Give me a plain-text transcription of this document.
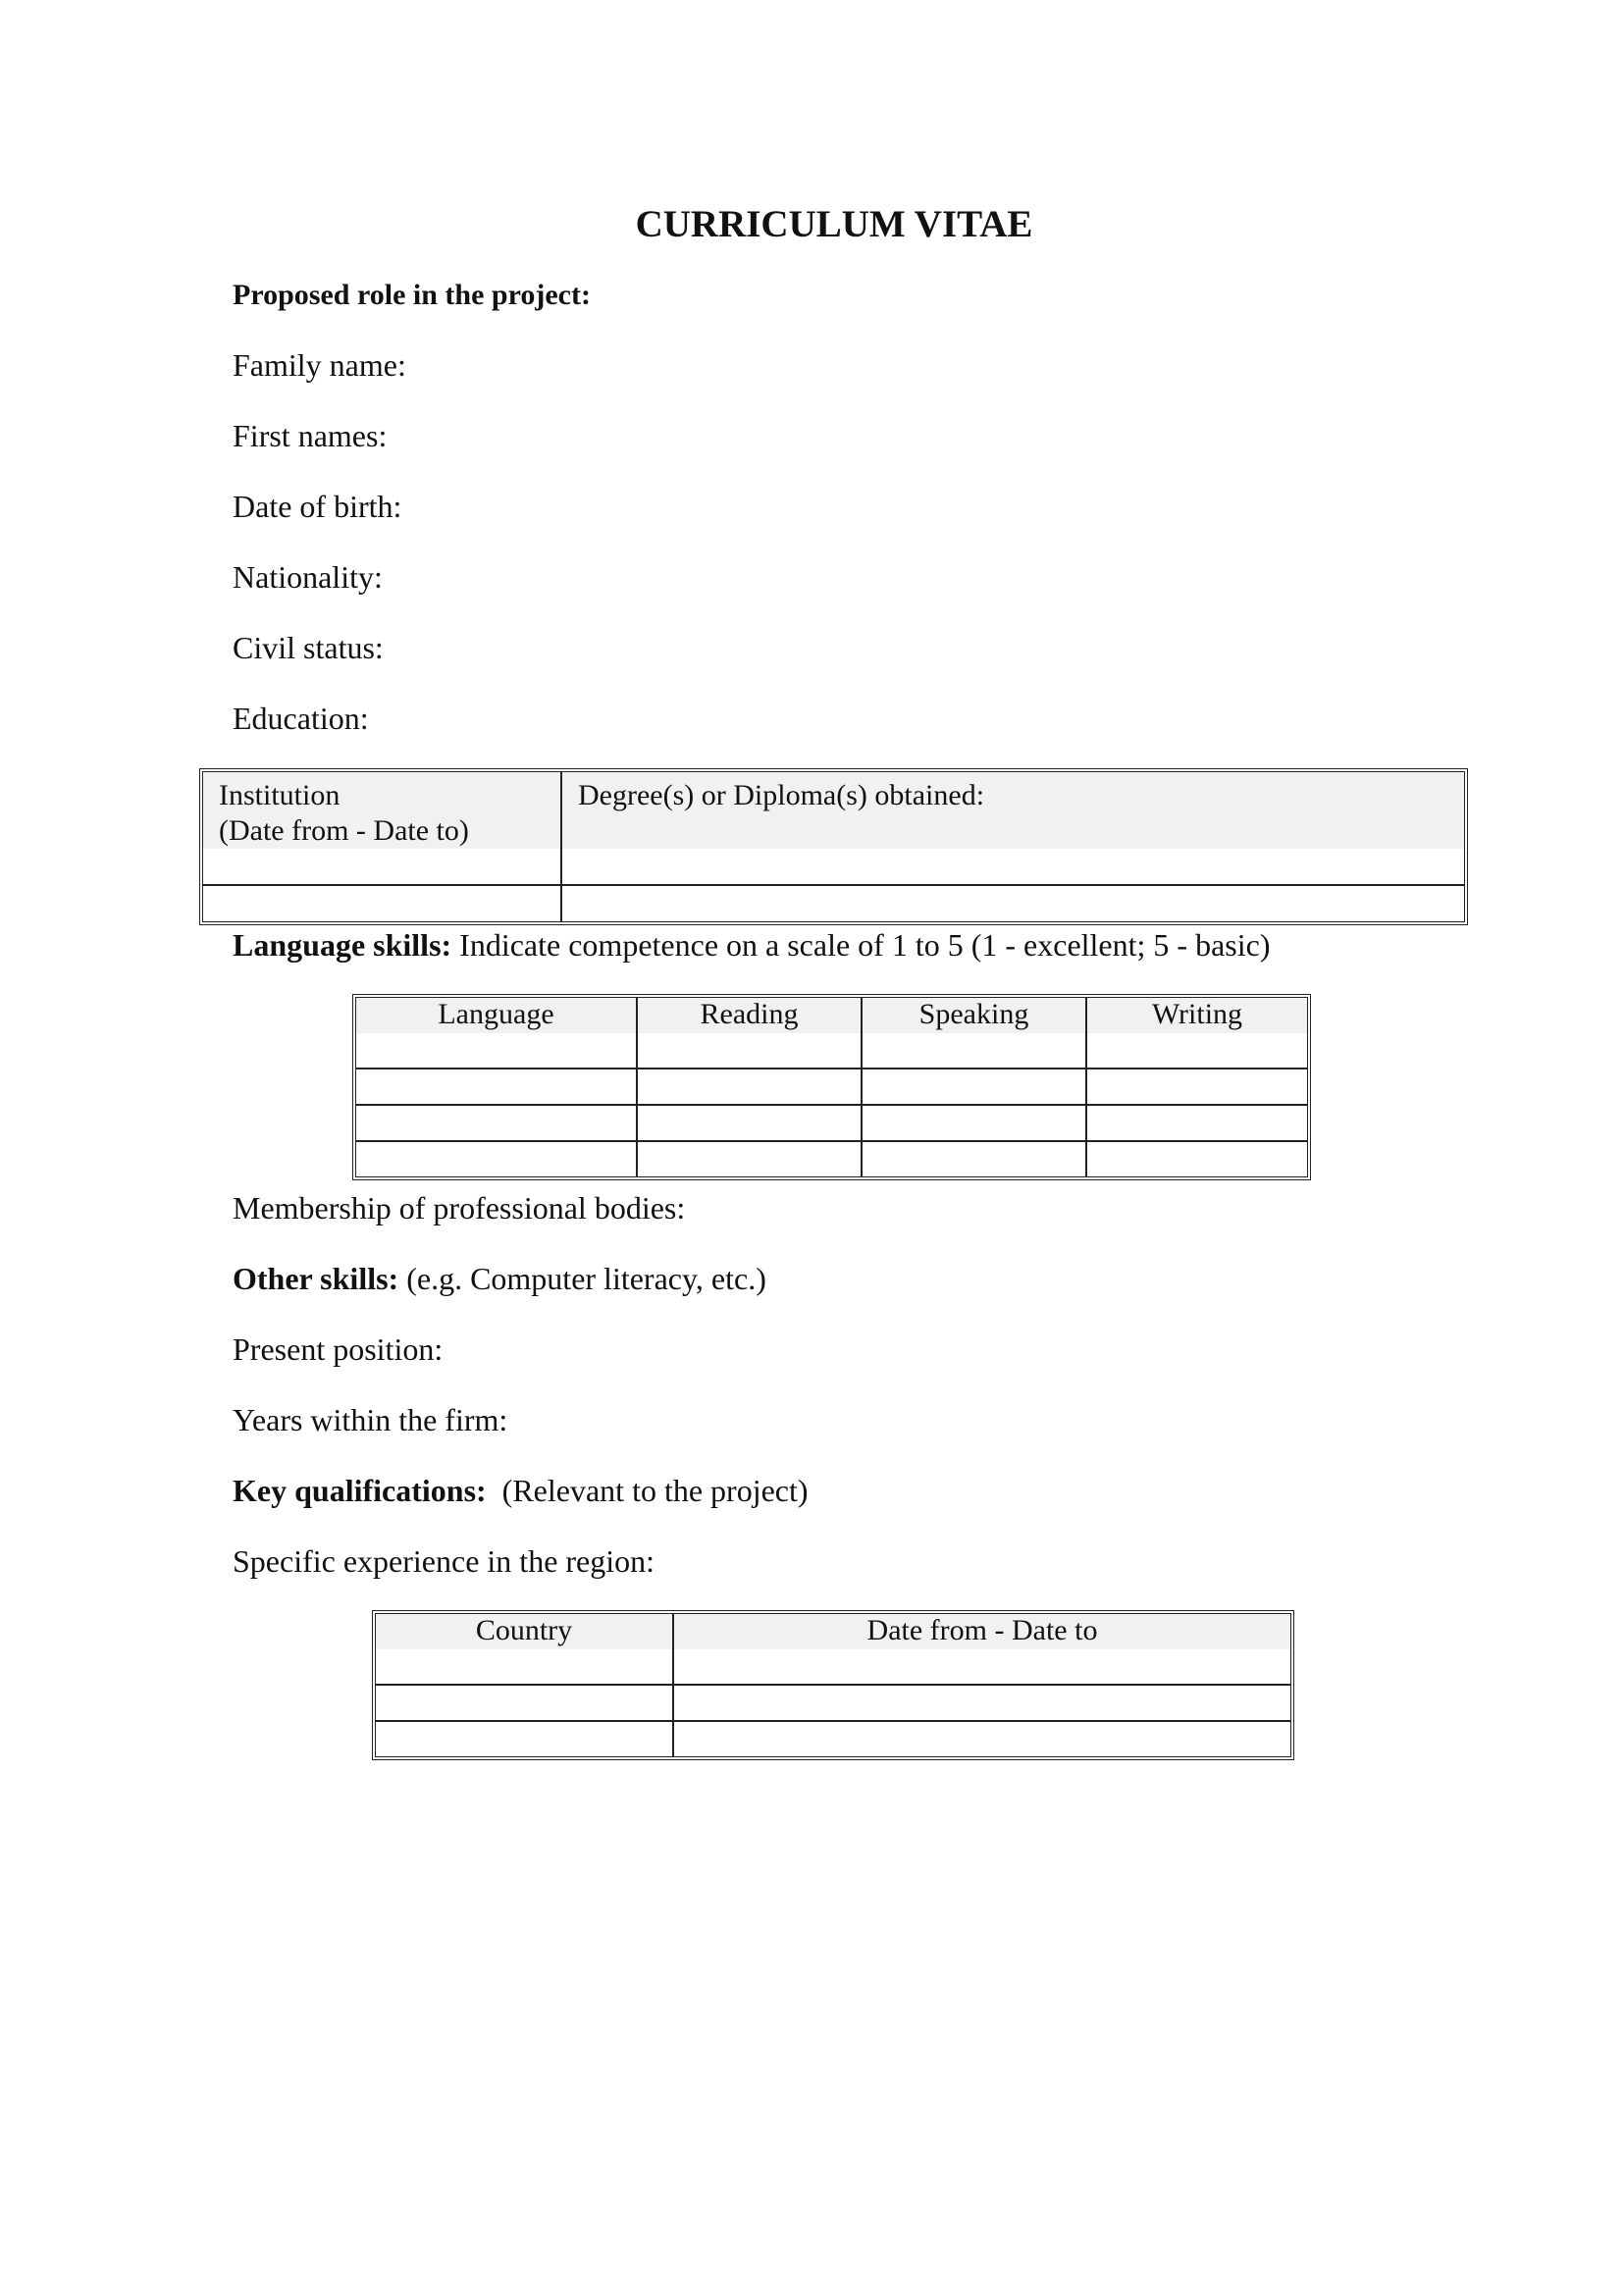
CURRICULUM VITAE
Proposed role in the project:
Family name:
First names:
Date of birth:
Nationality:
Civil status:
Education:
Institution
(Date from - Date to)	Degree(s) or Diploma(s) obtained:

Language skills: Indicate competence on a scale of 1 to 5 (1 - excellent; 5 - basic)
Language	Reading	Speaking	Writing

Membership of professional bodies:
Other skills: (e.g. Computer literacy, etc.)
Present position:
Years within the firm:
Key qualifications:  (Relevant to the project)
Specific experience in the region:
Country	Date from - Date to
